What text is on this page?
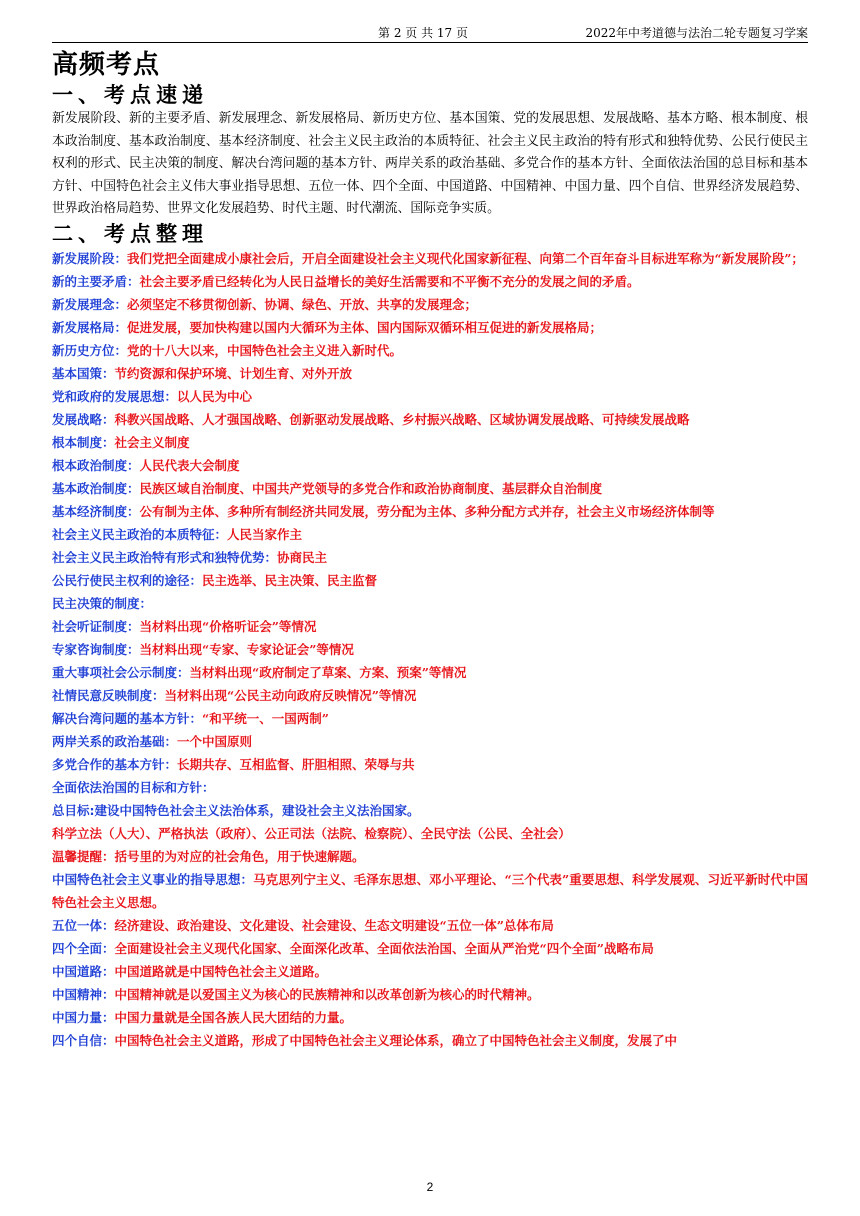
第 2 页 共 17 页	2022年中考道德与法治二轮专题复习学案
高频考点
一、考点速递

新发展阶段、新的主要矛盾、新发展理念、新发展格局、新历史方位、基本国策、党的发展思想、发展战略、基本方略、根本制度、根本政治制度、基本政治制度、基本经济制度、社会主义民主政治的本质特征、社会主义民主政治的特有形式和独特优势、公民行使民主权利的形式、民主决策的制度、解决台湾问题的基本方针、两岸关系的政治基础、多党合作的基本方针、全面依法治国的总目标和基本方针、中国特色社会主义伟大事业指导思想、五位一体、四个全面、中国道路、中国精神、中国力量、四个自信、世界经济发展趋势、世界政治格局趋势、世界文化发展趋势、时代主题、时代潮流、国际竞争实质。

二、考点整理
新发展阶段：我们党把全面建成小康社会后，开启全面建设社会主义现代化国家新征程、向第二个百年奋斗目标进军称为“新发展阶段”；
新的主要矛盾：社会主要矛盾已经转化为人民日益增长的美好生活需要和不平衡不充分的发展之间的矛盾。
新发展理念：必须坚定不移贯彻创新、协调、绿色、开放、共享的发展理念；
新发展格局：促进发展，要加快构建以国内大循环为主体、国内国际双循环相互促进的新发展格局；
新历史方位：党的十八大以来，中国特色社会主义进入新时代。
基本国策：节约资源和保护环境、计划生育、对外开放
党和政府的发展思想：以人民为中心
发展战略：科教兴国战略、人才强国战略、创新驱动发展战略、乡村振兴战略、区域协调发展战略、可持续发展战略
根本制度：社会主义制度
根本政治制度：人民代表大会制度
基本政治制度：民族区域自治制度、中国共产党领导的多党合作和政治协商制度、基层群众自治制度
基本经济制度：公有制为主体、多种所有制经济共同发展，劳分配为主体、多种分配方式并存，社会主义市场经济体制等
社会主义民主政治的本质特征：人民当家作主
社会主义民主政治特有形式和独特优势：协商民主
公民行使民主权利的途径：民主选举、民主决策、民主监督
民主决策的制度：
社会听证制度：当材料出现“价格听证会”等情况
专家咨询制度：当材料出现“专家、专家论证会”等情况
重大事项社会公示制度：当材料出现“政府制定了草案、方案、预案”等情况
社情民意反映制度：当材料出现“公民主动向政府反映情况”等情况
解决台湾问题的基本方针：“和平统一、一国两制”
两岸关系的政治基础：一个中国原则
多党合作的基本方针：长期共存、互相监督、肝胆相照、荣辱与共
全面依法治国的目标和方针：
总目标:建设中国特色社会主义法治体系，建设社会主义法治国家。
科学立法（人大）、严格执法（政府）、公正司法（法院、检察院）、全民守法（公民、全社会）
温馨提醒：括号里的为对应的社会角色，用于快速解题。
中国特色社会主义事业的指导思想：马克思列宁主义、毛泽东思想、邓小平理论、“三个代表”重要思想、科学发展观、习近平新时代中国特色社会主义思想。
五位一体：经济建设、政治建设、文化建设、社会建设、生态文明建设“五位一体”总体布局
四个全面：全面建设社会主义现代化国家、全面深化改革、全面依法治国、全面从严治党“四个全面”战略布局
中国道路：中国道路就是中国特色社会主义道路。
中国精神：中国精神就是以爱国主义为核心的民族精神和以改革创新为核心的时代精神。
中国力量：中国力量就是全国各族人民大团结的力量。
四个自信：中国特色社会主义道路，形成了中国特色社会主义理论体系，确立了中国特色社会主义制度，发展了中
2
